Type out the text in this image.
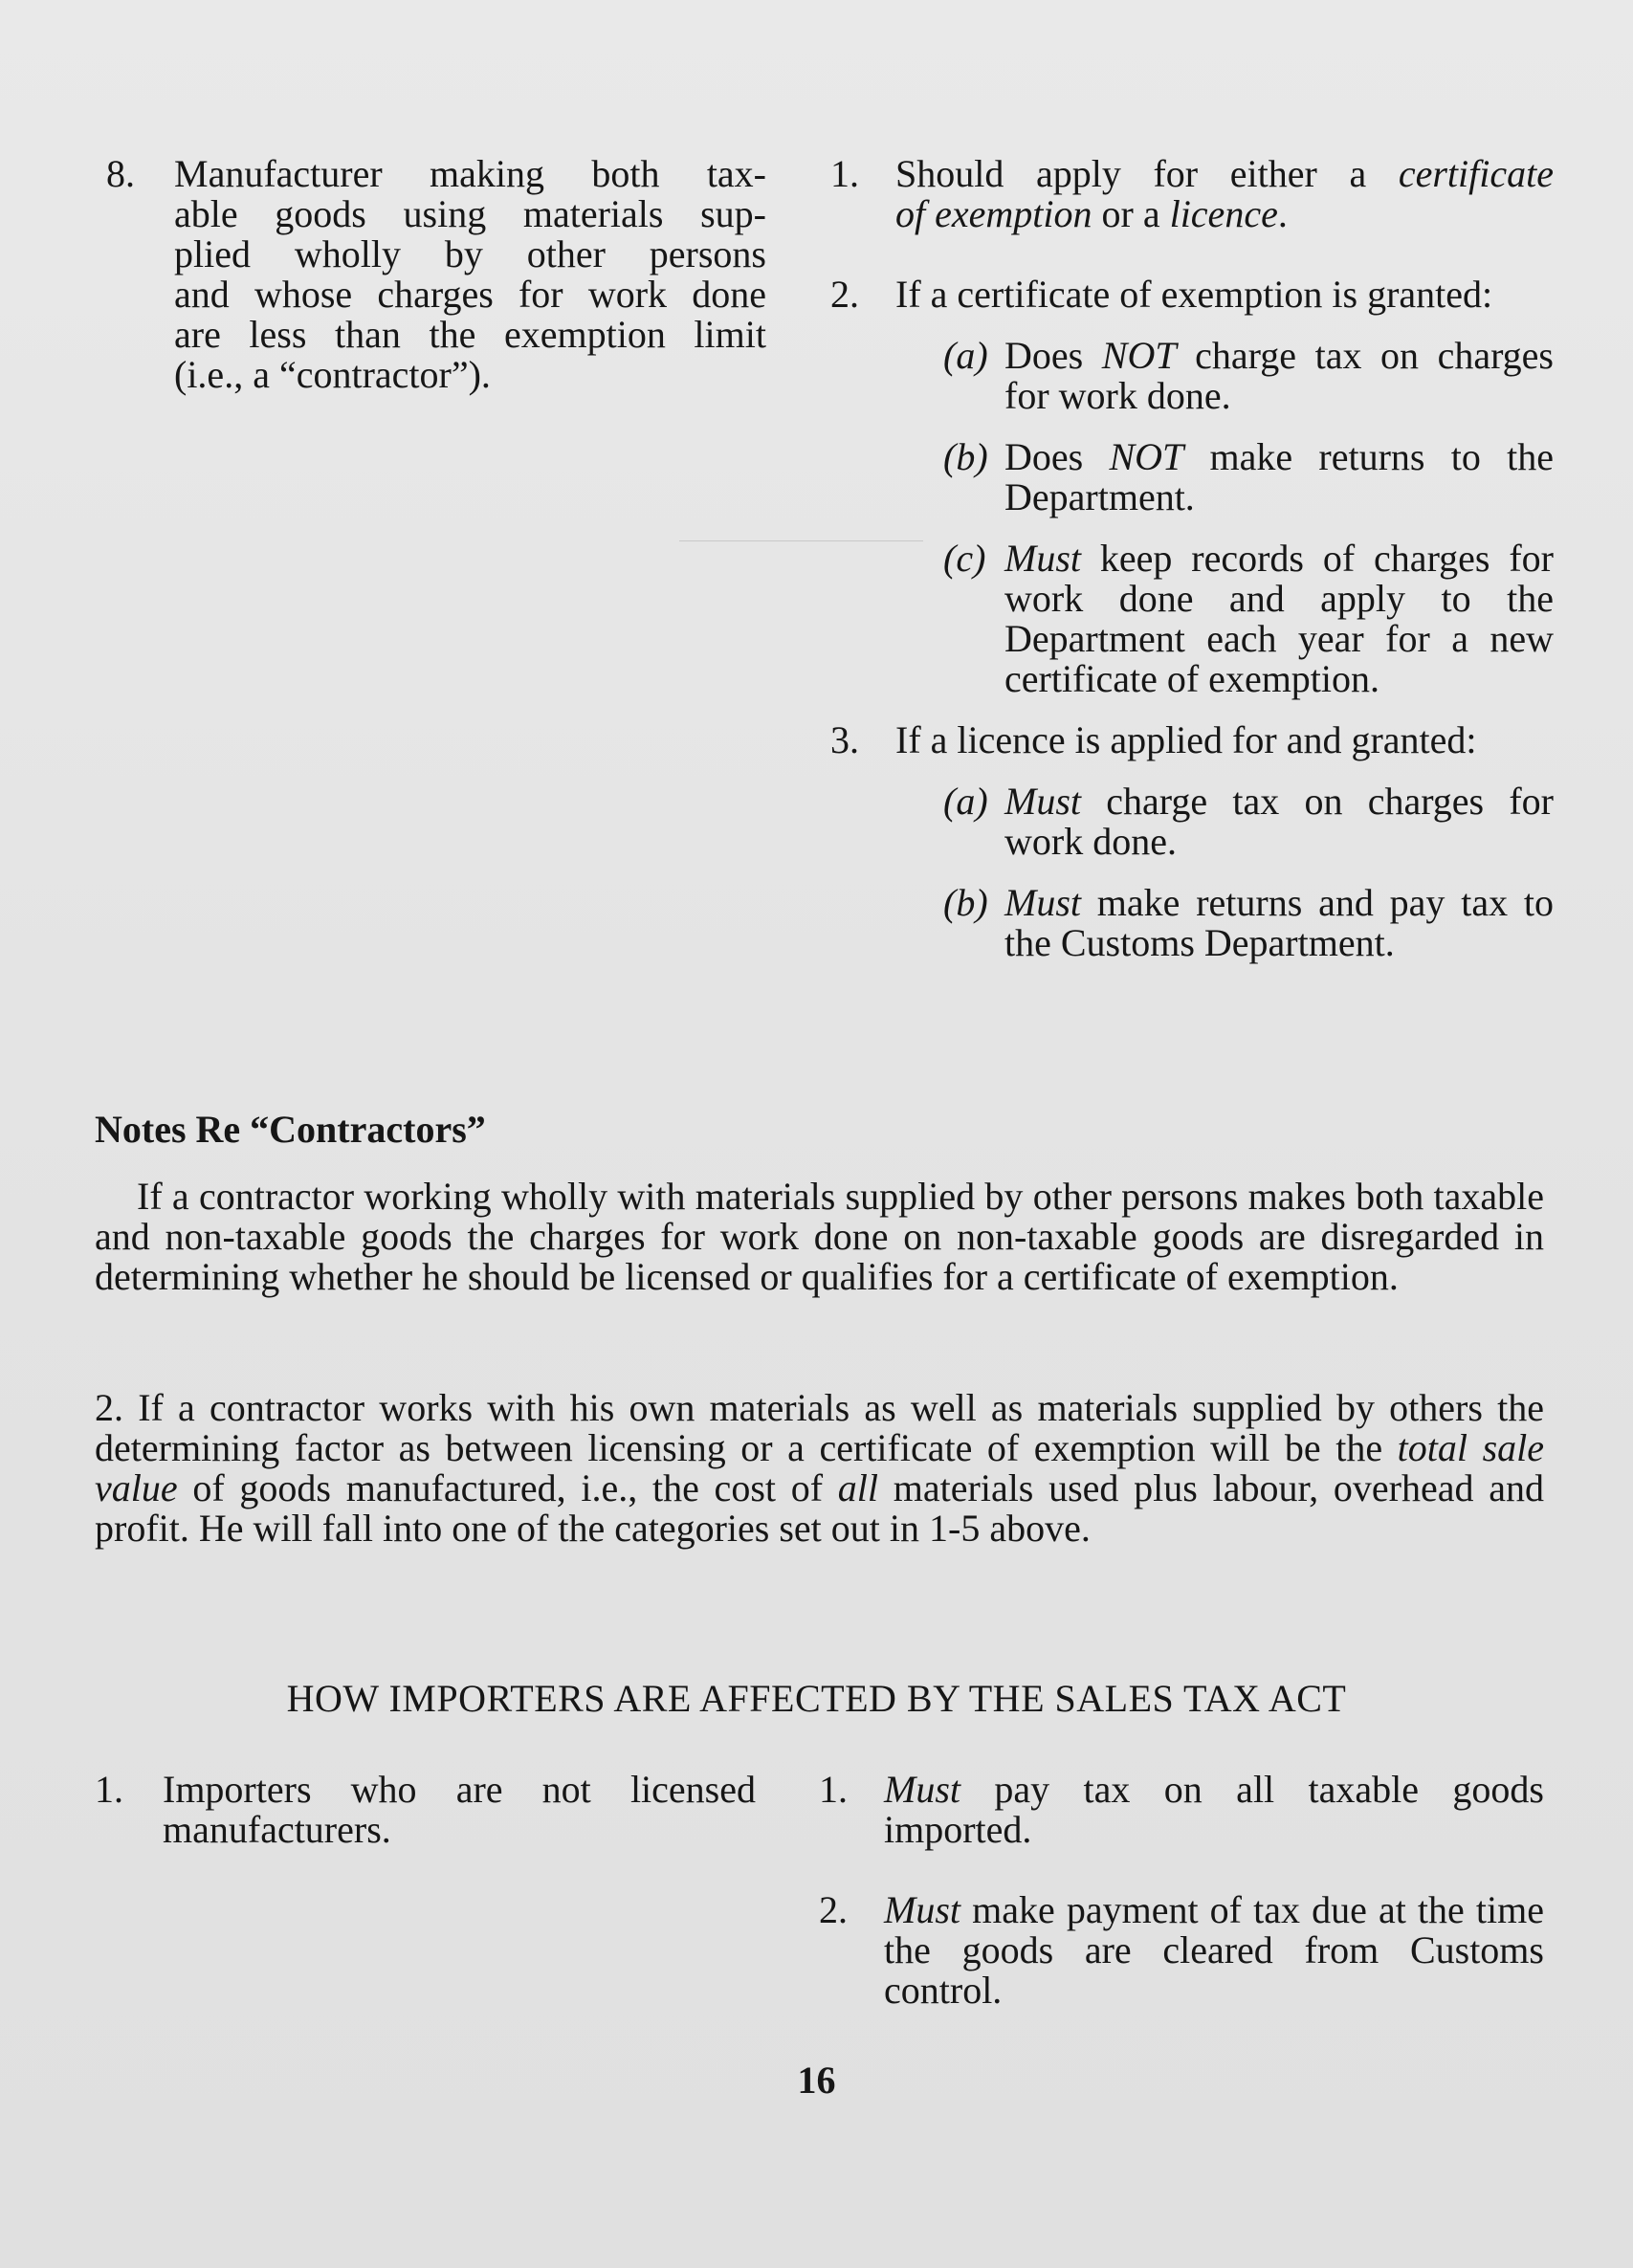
8. Manufacturer making both tax-
able goods using materials sup-
plied wholly by other persons
and whose charges for work done
are less than the exemption limit
(i.e., a “contractor”).
1. Should apply for either a certificate
of exemption or a licence.
2. If a certificate of exemption is granted:
(a) Does NOT charge tax on charges for work done.
(b) Does NOT make returns to the Department.
(c) Must keep records of charges for work done and apply to the Department each year for a new certificate of exemption.
3. If a licence is applied for and granted:
(a) Must charge tax on charges for work done.
(b) Must make returns and pay tax to the Customs Department.
Notes Re “Contractors”
If a contractor working wholly with materials supplied by other persons makes both taxable and non-taxable goods the charges for work done on non-taxable goods are disregarded in determining whether he should be licensed or qualifies for a certificate of exemption.
2. If a contractor works with his own materials as well as materials supplied by others the determining factor as between licensing or a certificate of exemption will be the total sale value of goods manufactured, i.e., the cost of all materials used plus labour, overhead and profit. He will fall into one of the categories set out in 1-5 above.
HOW IMPORTERS ARE AFFECTED BY THE SALES TAX ACT
1. Importers who are not licensed manufacturers.
1. Must pay tax on all taxable goods imported.
2. Must make payment of tax due at the time the goods are cleared from Customs control.
16
